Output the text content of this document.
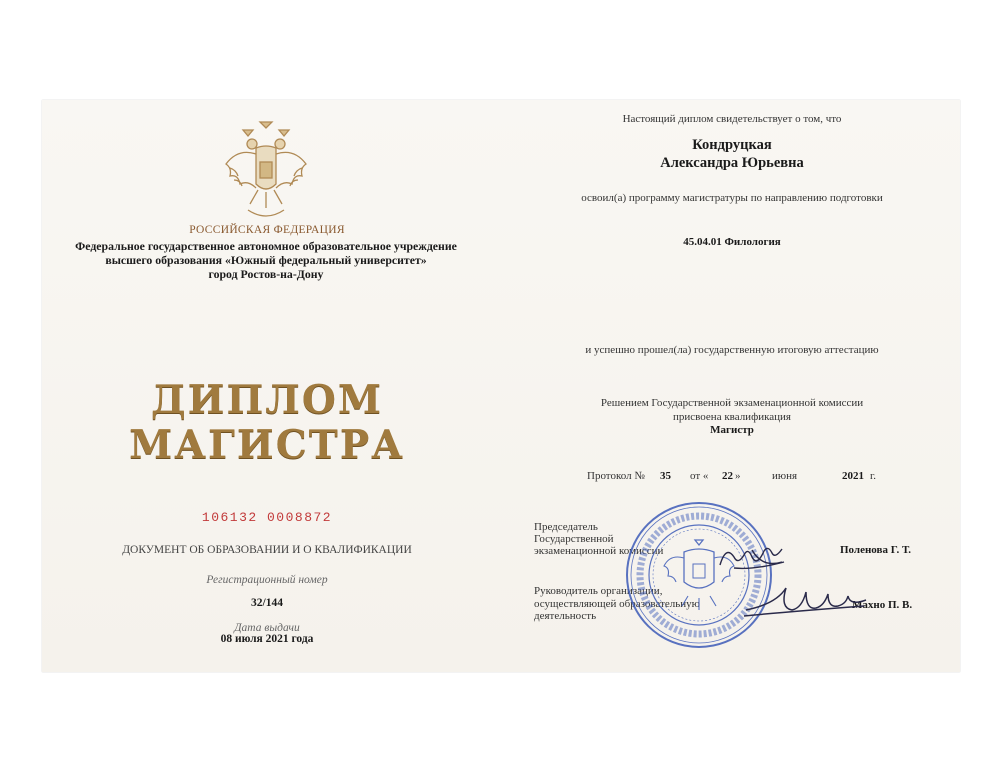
РОССИЙСКАЯ ФЕДЕРАЦИЯ
Федеральное государственное автономное образовательное учреждение
высшего образования «Южный федеральный университет»
город Ростов-на-Дону
ДИПЛОМ
МАГИСТРА
106132 0008872
ДОКУМЕНТ ОБ ОБРАЗОВАНИИ И О КВАЛИФИКАЦИИ
Регистрационный номер
32/144
Дата выдачи
08 июля 2021 года
Настоящий диплом свидетельствует о том, что
Кондруцкая
Александра Юрьевна
освоил(а) программу магистратуры по направлению подготовки
45.04.01 Филология
и успешно прошел(ла) государственную итоговую аттестацию
Решением Государственной экзаменационной комиссии
присвоена квалификация
Магистр
Протокол № 35 от « 22 »	июня	2021 г.
Председатель
Государственной
экзаменационной комиссии	Поленова Г. Т.
Руководитель организации,
осуществляющей образовательную
деятельность
Махно П. В.
